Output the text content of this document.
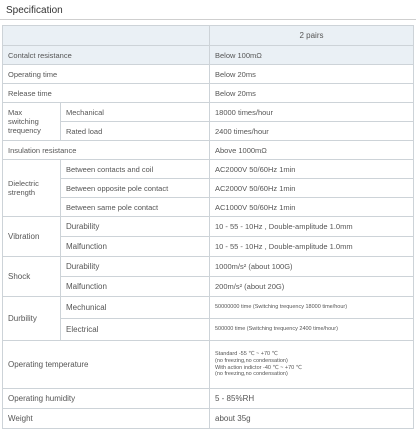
Specification
		2 pairs
Contalct resistance		Below 100mΩ
Operating time		Below 20ms
Release time		Below 20ms
Max switching trequency	Mechanical	18000 times/hour
	Rated load	2400 times/hour
Insulation resistance		Above 1000mΩ
Dielectric strength	Between contacts and coil	AC2000V 50/60Hz 1min
	Between opposite pole contact	AC2000V 50/60Hz 1min
	Between same pole contact	AC1000V 50/60Hz 1min
Vibration	Durability	10 - 55 - 10Hz , Double-amplitude 1.0mm
	Malfunction	10 - 55 - 10Hz , Double-amplitude 1.0mm
Shock	Durability	1000m/s² (about 100G)
	Malfunction	200m/s² (about 20G)
Durbility	Mechunical	50000000 time (Switching trequency 18000 time/hour)
	Electrical	500000 time (Switching trequency 2400 time/hour)
Operating temperature		Standard -55 ℃ ~ +70 ℃
(no freezing,no condensation)
With action indictor -40 ℃ ~ +70 ℃
(no freezing,no condensation)

Operating humidity		5 - 85%RH
Weight		about 35g
